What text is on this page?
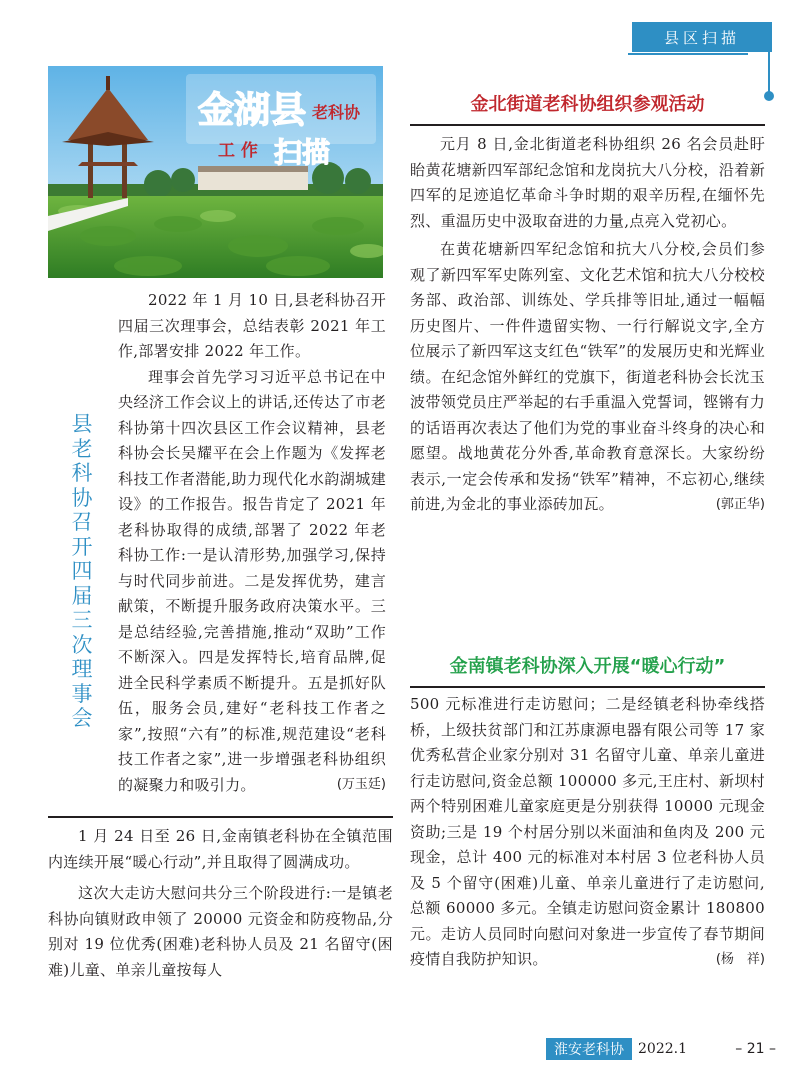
县区扫描
金湖县 老科协
工 作 扫描
县老科协召开四届三次理事会

2022 年 1 月 10 日,县老科协召开四届三次理事会，总结表彰 2021 年工作,部署安排 2022 年工作。

理事会首先学习习近平总书记在中央经济工作会议上的讲话,还传达了市老科协第十四次县区工作会议精神，县老科协会长吴耀平在会上作题为《发挥老科技工作者潜能,助力现代化水韵湖城建设》的工作报告。报告肯定了 2021 年老科协取得的成绩,部署了 2022 年老科协工作:一是认清形势,加强学习,保持与时代同步前进。二是发挥优势，建言献策，不断提升服务政府决策水平。三是总结经验,完善措施,推动“双助”工作不断深入。四是发挥特长,培育品牌,促进全民科学素质不断提升。五是抓好队伍，服务会员,建好“老科技工作者之家”,按照“六有”的标准,规范建设“老科技工作者之家”,进一步增强老科协组织的凝聚力和吸引力。	(万玉廷)

1 月 24 日至 26 日,金南镇老科协在全镇范围内连续开展“暖心行动”,并且取得了圆满成功。

这次大走访大慰问共分三个阶段进行:一是镇老科协向镇财政申领了 20000 元资金和防疫物品,分别对 19 位优秀(困难)老科协人员及 21 名留守(困难)儿童、单亲儿童按每人

金北街道老科协组织参观活动

元月 8 日,金北街道老科协组织 26 名会员赴盱眙黄花塘新四军部纪念馆和龙岗抗大八分校，沿着新四军的足迹追忆革命斗争时期的艰辛历程,在缅怀先烈、重温历史中汲取奋进的力量,点亮入党初心。

在黄花塘新四军纪念馆和抗大八分校,会员们参观了新四军军史陈列室、文化艺术馆和抗大八分校校务部、政治部、训练处、学兵排等旧址,通过一幅幅历史图片、一件件遗留实物、一行行解说文字,全方位展示了新四军这支红色“铁军”的发展历史和光辉业绩。在纪念馆外鲜红的党旗下，街道老科协会长沈玉波带领党员庄严举起的右手重温入党誓词，铿锵有力的话语再次表达了他们为党的事业奋斗终身的决心和愿望。战地黄花分外香,革命教育意深长。大家纷纷表示,一定会传承和发扬“铁军”精神，不忘初心,继续前进,为金北的事业添砖加瓦。	(郭正华)
金南镇老科协深入开展“暖心行动”

500 元标准进行走访慰问；二是经镇老科协牵线搭桥，上级扶贫部门和江苏康源电器有限公司等 17 家优秀私营企业家分别对 31 名留守儿童、单亲儿童进行走访慰问,资金总额 100000 多元,王庄村、新坝村两个特别困难儿童家庭更是分别获得 10000 元现金资助;三是 19 个村居分别以米面油和鱼肉及 200 元现金，总计 400 元的标准对本村居 3 位老科协人员及 5 个留守(困难)儿童、单亲儿童进行了走访慰问,总额 60000 多元。全镇走访慰问资金累计 180800 元。走访人员同时向慰问对象进一步宣传了春节期间疫情自我防护知识。	(杨　祥)
淮安老科协	2022.1	– 21 –
